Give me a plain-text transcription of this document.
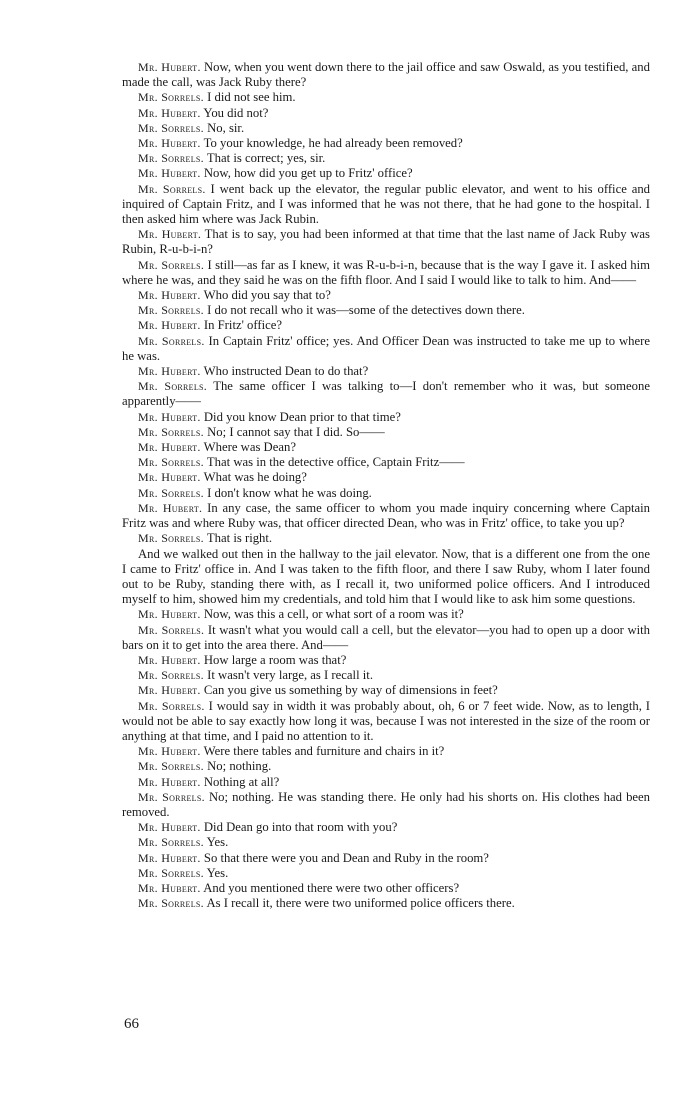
Mr. Hubert. Now, when you went down there to the jail office and saw Oswald, as you testified, and made the call, was Jack Ruby there?

Mr. Sorrels. I did not see him.

Mr. Hubert. You did not?

Mr. Sorrels. No, sir.

Mr. Hubert. To your knowledge, he had already been removed?

Mr. Sorrels. That is correct; yes, sir.

Mr. Hubert. Now, how did you get up to Fritz' office?

Mr. Sorrels. I went back up the elevator, the regular public elevator, and went to his office and inquired of Captain Fritz, and I was informed that he was not there, that he had gone to the hospital. I then asked him where was Jack Rubin.

Mr. Hubert. That is to say, you had been informed at that time that the last name of Jack Ruby was Rubin, R-u-b-i-n?

Mr. Sorrels. I still—as far as I knew, it was R-u-b-i-n, because that is the way I gave it. I asked him where he was, and they said he was on the fifth floor. And I said I would like to talk to him. And——

Mr. Hubert. Who did you say that to?

Mr. Sorrels. I do not recall who it was—some of the detectives down there.

Mr. Hubert. In Fritz' office?

Mr. Sorrels. In Captain Fritz' office; yes. And Officer Dean was instructed to take me up to where he was.

Mr. Hubert. Who instructed Dean to do that?

Mr. Sorrels. The same officer I was talking to—I don't remember who it was, but someone apparently——

Mr. Hubert. Did you know Dean prior to that time?

Mr. Sorrels. No; I cannot say that I did. So——

Mr. Hubert. Where was Dean?

Mr. Sorrels. That was in the detective office, Captain Fritz——

Mr. Hubert. What was he doing?

Mr. Sorrels. I don't know what he was doing.

Mr. Hubert. In any case, the same officer to whom you made inquiry concerning where Captain Fritz was and where Ruby was, that officer directed Dean, who was in Fritz' office, to take you up?

Mr. Sorrels. That is right.

And we walked out then in the hallway to the jail elevator. Now, that is a different one from the one I came to Fritz' office in. And I was taken to the fifth floor, and there I saw Ruby, whom I later found out to be Ruby, standing there with, as I recall it, two uniformed police officers. And I introduced myself to him, showed him my credentials, and told him that I would like to ask him some questions.

Mr. Hubert. Now, was this a cell, or what sort of a room was it?

Mr. Sorrels. It wasn't what you would call a cell, but the elevator—you had to open up a door with bars on it to get into the area there. And——

Mr. Hubert. How large a room was that?

Mr. Sorrels. It wasn't very large, as I recall it.

Mr. Hubert. Can you give us something by way of dimensions in feet?

Mr. Sorrels. I would say in width it was probably about, oh, 6 or 7 feet wide. Now, as to length, I would not be able to say exactly how long it was, because I was not interested in the size of the room or anything at that time, and I paid no attention to it.

Mr. Hubert. Were there tables and furniture and chairs in it?

Mr. Sorrels. No; nothing.

Mr. Hubert. Nothing at all?

Mr. Sorrels. No; nothing. He was standing there. He only had his shorts on. His clothes had been removed.

Mr. Hubert. Did Dean go into that room with you?

Mr. Sorrels. Yes.

Mr. Hubert. So that there were you and Dean and Ruby in the room?

Mr. Sorrels. Yes.

Mr. Hubert. And you mentioned there were two other officers?

Mr. Sorrels. As I recall it, there were two uniformed police officers there.

66
